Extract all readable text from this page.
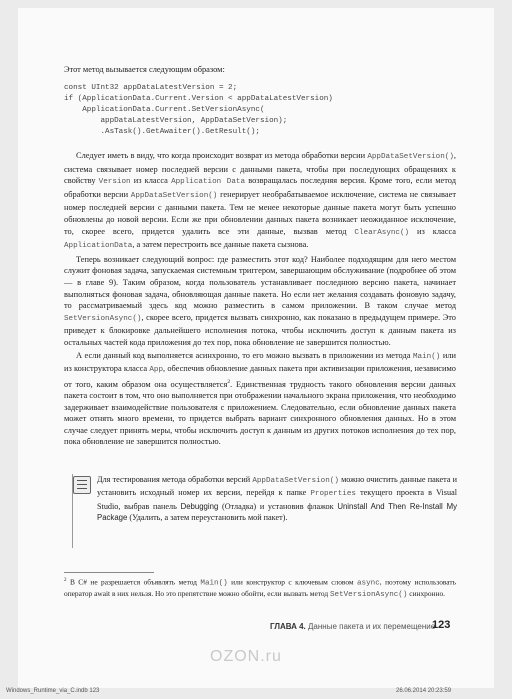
Этот метод вызывается следующим образом:
const UInt32 appDataLatestVersion = 2;
if (ApplicationData.Current.Version < appDataLatestVersion)
ApplicationData.Current.SetVersionAsync(
appDataLatestVersion, AppDataSetVersion);
.AsTask().GetAwaiter().GetResult();

Следует иметь в виду, что когда происходит возврат из метода обработки версии AppDataSetVersion(), система связывает номер последней версии с данными пакета, чтобы при последующих обращениях к свойству Version из класса Application Data возвращалась последняя версия. Кроме того, если метод обработки версии AppDataSetVersion() генерирует необрабатываемое исключение, система не связывает номер последней версии с данными пакета. Тем не менее некоторые данные пакета могут быть успешно обновлены до новой версии. Если же при обновлении данных пакета возникает неожиданное исключение, то, скорее всего, придется удалить все эти данные, вызвав метод ClearAsync() из класса ApplicationData, а затем перестроить все данные пакета сызнова.

Теперь возникает следующий вопрос: где разместить этот код? Наиболее подходящим для него местом служит фоновая задача, запускаемая системным триггером, завершающим обслуживание (подробнее об этом — в главе 9). Таким образом, когда пользователь устанавливает последнюю версию пакета, начинает выполняться фоновая задача, обновляющая данные пакета. Но если нет желания создавать фоновую задачу, то рассматриваемый здесь код можно разместить в самом приложении. В таком случае метод SetVersionAsync(), скорее всего, придется вызвать синхронно, как показано в предыдущем примере. Это приведет к блокировке дальнейшего исполнения потока, чтобы исключить доступ к данным пакета из остальных частей кода приложения до тех пор, пока обновление не завершится полностью.

А если данный код выполняется асинхронно, то его можно вызвать в приложении из метода Main() или из конструктора класса App, обеспечив обновление данных пакета при активизации приложения, независимо от того, каким образом она осуществляется$^2$. Единственная трудность такого обновления версии данных пакета состоит в том, что оно выполняется при отображении начального экрана приложения, что необходимо задерживает взаимодействие пользователя с приложением. Следовательно, если обновление данных пакета может отнять много времени, то придется выбрать вариант синхронного обновления данных. Но в этом случае следует принять меры, чтобы исключить доступ к данным из других потоков исполнения до тех пор, пока обновление не завершится полностью.

Для тестирования метода обработки версий AppDataSetVersion() можно очистить данные пакета и установить исходный номер их версии, перейдя к папке Properties текущего проекта в Visual Studio, выбрав панель Debugging (Отладка) и установив флажок Uninstall And Then Re-Install My Package (Удалить, а затем переустановить мой пакет).
$^2$ В C# не разрешается объявлять метод Main() или конструктор с ключевым словом async, поэтому использовать оператор await в них нельзя. Но это препятствие можно обойти, если вызвать метод SetVersionAsync() синхронно.
ГЛАВА 4. Данные пакета и их перемещение
123
OZON.ru
Windows_Runtime_via_C.indb 123	26.06.2014 20:23:59
